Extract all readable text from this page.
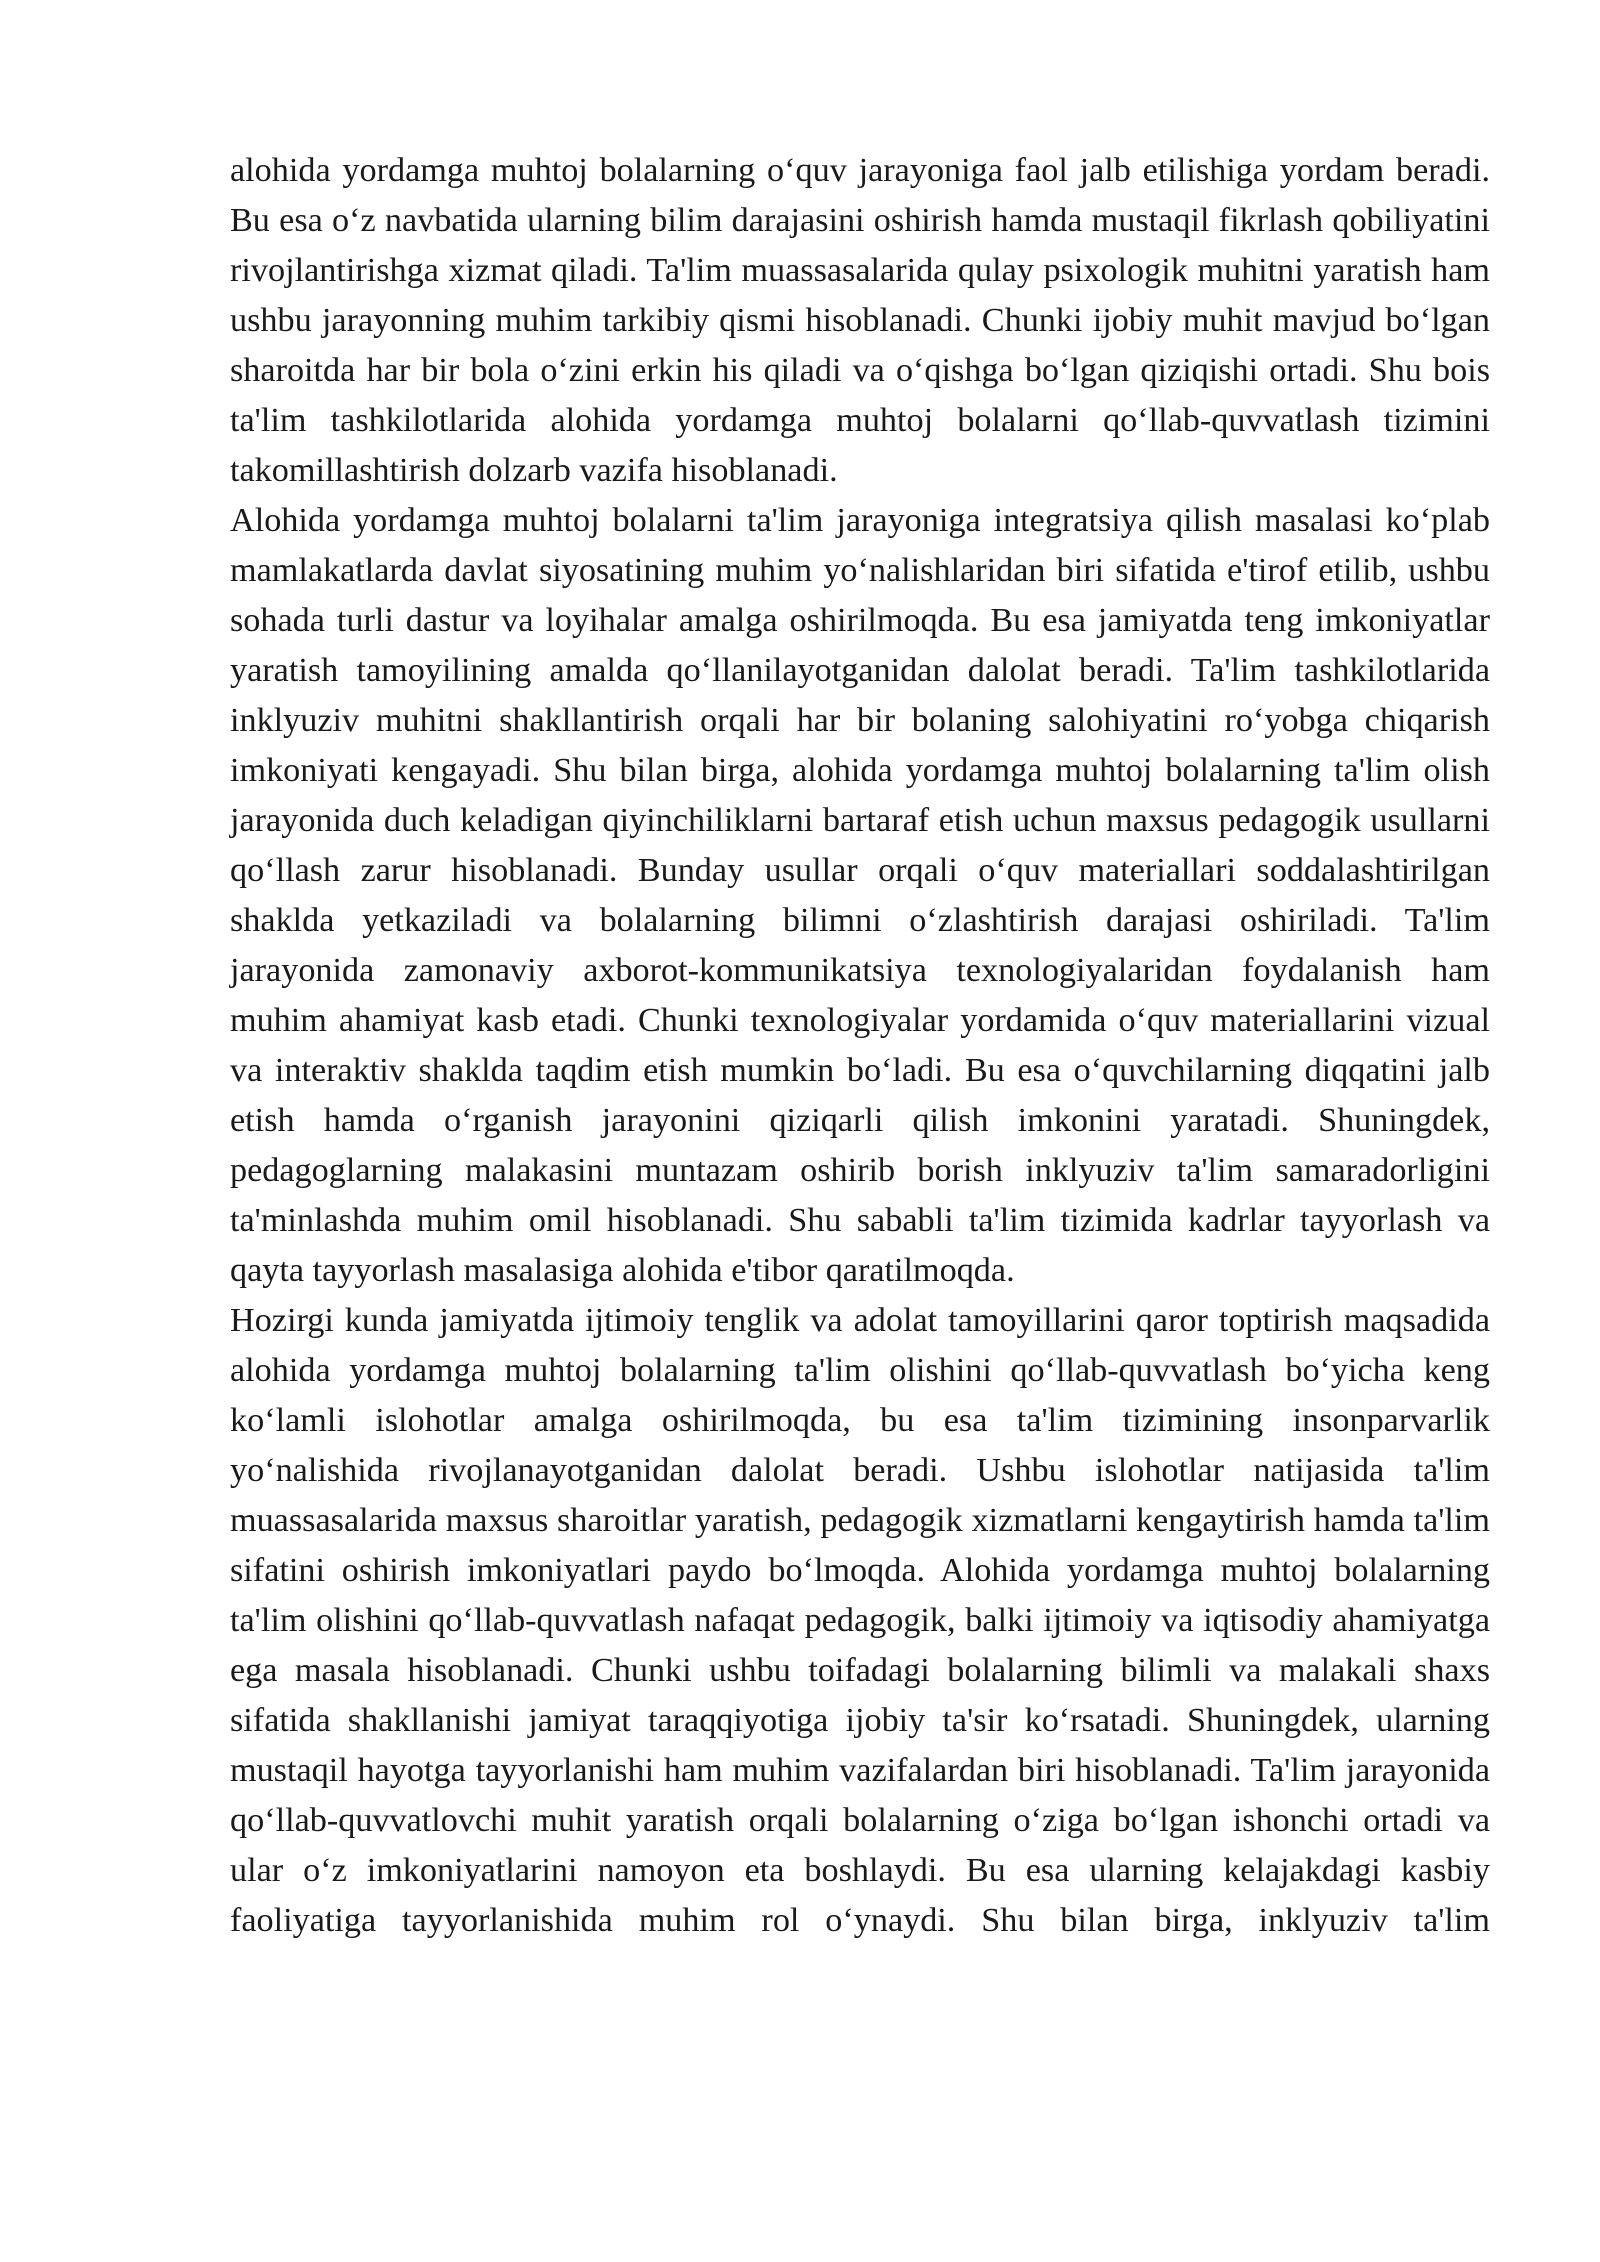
alohida yordamga muhtoj bolalarning o‘quv jarayoniga faol jalb etilishiga yordam beradi. Bu esa o‘z navbatida ularning bilim darajasini oshirish hamda mustaqil fikrlash qobiliyatini rivojlantirishga xizmat qiladi. Ta'lim muassasalarida qulay psixologik muhitni yaratish ham ushbu jarayonning muhim tarkibiy qismi hisoblanadi. Chunki ijobiy muhit mavjud bo‘lgan sharoitda har bir bola o‘zini erkin his qiladi va o‘qishga bo‘lgan qiziqishi ortadi. Shu bois ta'lim tashkilotlarida alohida yordamga muhtoj bolalarni qo‘llab-quvvatlash tizimini takomillashtirish dolzarb vazifa hisoblanadi.

Alohida yordamga muhtoj bolalarni ta'lim jarayoniga integratsiya qilish masalasi ko‘plab mamlakatlarda davlat siyosatining muhim yo‘nalishlaridan biri sifatida e'tirof etilib, ushbu sohada turli dastur va loyihalar amalga oshirilmoqda. Bu esa jamiyatda teng imkoniyatlar yaratish tamoyilining amalda qo‘llanilayotganidan dalolat beradi. Ta'lim tashkilotlarida inklyuziv muhitni shakllantirish orqali har bir bolaning salohiyatini ro‘yobga chiqarish imkoniyati kengayadi. Shu bilan birga, alohida yordamga muhtoj bolalarning ta'lim olish jarayonida duch keladigan qiyinchiliklarni bartaraf etish uchun maxsus pedagogik usullarni qo‘llash zarur hisoblanadi. Bunday usullar orqali o‘quv materiallari soddalashtirilgan shaklda yetkaziladi va bolalarning bilimni o‘zlashtirish darajasi oshiriladi. Ta'lim jarayonida zamonaviy axborot-kommunikatsiya texnologiyalaridan foydalanish ham muhim ahamiyat kasb etadi. Chunki texnologiyalar yordamida o‘quv materiallarini vizual va interaktiv shaklda taqdim etish mumkin bo‘ladi. Bu esa o‘quvchilarning diqqatini jalb etish hamda o‘rganish jarayonini qiziqarli qilish imkonini yaratadi. Shuningdek, pedagoglarning malakasini muntazam oshirib borish inklyuziv ta'lim samaradorligini ta'minlashda muhim omil hisoblanadi. Shu sababli ta'lim tizimida kadrlar tayyorlash va qayta tayyorlash masalasiga alohida e'tibor qaratilmoqda.

Hozirgi kunda jamiyatda ijtimoiy tenglik va adolat tamoyillarini qaror toptirish maqsadida alohida yordamga muhtoj bolalarning ta'lim olishini qo‘llab-quvvatlash bo‘yicha keng ko‘lamli islohotlar amalga oshirilmoqda, bu esa ta'lim tizimining insonparvarlik yo‘nalishida rivojlanayotganidan dalolat beradi. Ushbu islohotlar natijasida ta'lim muassasalarida maxsus sharoitlar yaratish, pedagogik xizmatlarni kengaytirish hamda ta'lim sifatini oshirish imkoniyatlari paydo bo‘lmoqda. Alohida yordamga muhtoj bolalarning ta'lim olishini qo‘llab-quvvatlash nafaqat pedagogik, balki ijtimoiy va iqtisodiy ahamiyatga ega masala hisoblanadi. Chunki ushbu toifadagi bolalarning bilimli va malakali shaxs sifatida shakllanishi jamiyat taraqqiyotiga ijobiy ta'sir ko‘rsatadi. Shuningdek, ularning mustaqil hayotga tayyorlanishi ham muhim vazifalardan biri hisoblanadi. Ta'lim jarayonida qo‘llab-quvvatlovchi muhit yaratish orqali bolalarning o‘ziga bo‘lgan ishonchi ortadi va ular o‘z imkoniyatlarini namoyon eta boshlaydi. Bu esa ularning kelajakdagi kasbiy faoliyatiga tayyorlanishida muhim rol o‘ynaydi. Shu bilan birga, inklyuziv ta'lim
